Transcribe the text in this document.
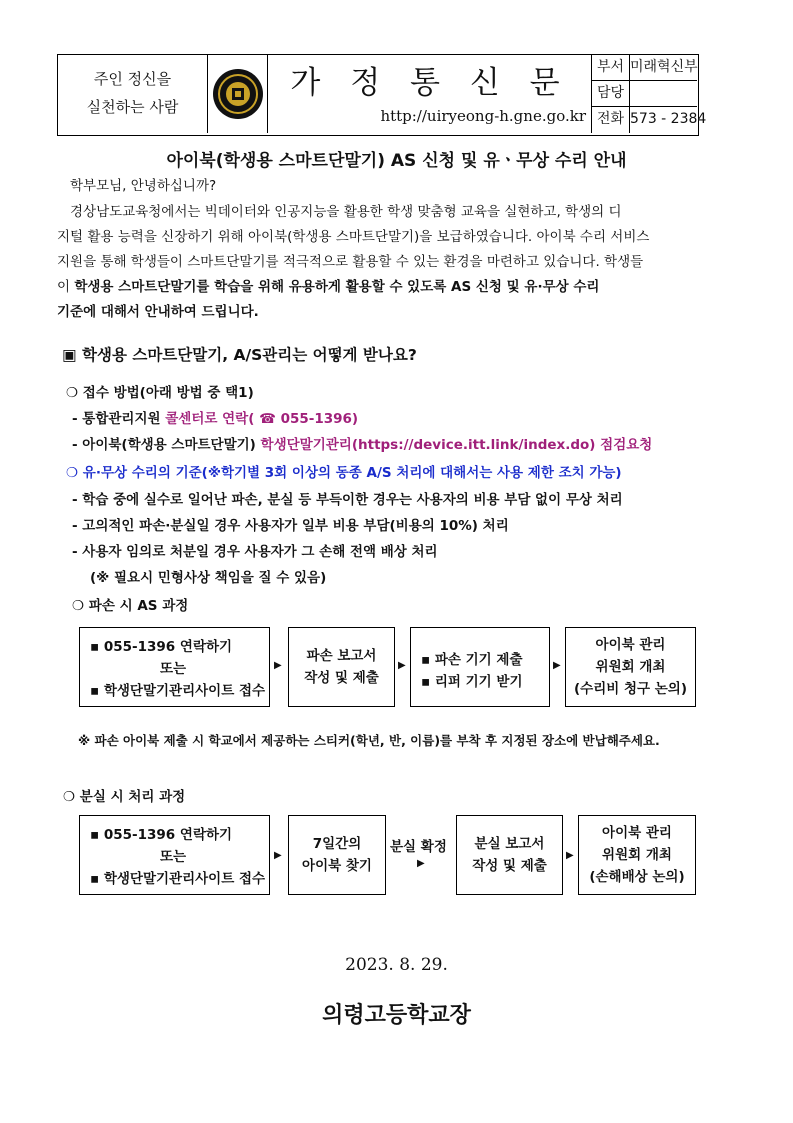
주인 정신을
실천하는 사람
가 정 통 신 문
http://uiryeong-h.gne.go.kr
부서 미래혁신부
담당
전화 573 - 2384
아이북(학생용 스마트단말기) AS 신청 및 유ㆍ무상 수리 안내
학부모님, 안녕하십니까?
경상남도교육청에서는 빅데이터와 인공지능을 활용한 학생 맞춤형 교육을 실현하고, 학생의 디
지털 활용 능력을 신장하기 위해 아이북(학생용 스마트단말기)을 보급하였습니다. 아이북 수리 서비스
지원을 통해 학생들이 스마트단말기를 적극적으로 활용할 수 있는 환경을 마련하고 있습니다. 학생들
이 학생용 스마트단말기를 학습을 위해 유용하게 활용할 수 있도록 AS 신청 및 유·무상 수리
기준에 대해서 안내하여 드립니다.
▣ 학생용 스마트단말기, A/S관리는 어떻게 받나요?
❍ 접수 방법(아래 방법 중 택1)
- 통합관리지원 콜센터로 연락( ☎ 055-1396)
- 아이북(학생용 스마트단말기) 학생단말기관리(https://device.itt.link/index.do) 점검요청
❍ 유·무상 수리의 기준(※학기별 3회 이상의 동종 A/S 처리에 대해서는 사용 제한 조치 가능)
- 학습 중에 실수로 일어난 파손, 분실 등 부득이한 경우는 사용자의 비용 부담 없이 무상 처리
- 고의적인 파손·분실일 경우 사용자가 일부 비용 부담(비용의 10%) 처리
- 사용자 임의로 처분일 경우 사용자가 그 손해 전액 배상 처리
(※ 필요시 민형사상 책임을 질 수 있음)
❍ 파손 시 AS 과정
▪ 055-1396 연락하기
또는
▪ 학생단말기관리사이트 접수
▶
파손 보고서
작성 및 제출
▶ ▪ 파손 기기 제출
▪ 리퍼 기기 받기
▶
아이북 관리
위원회 개최
(수리비 청구 논의)
※ 파손 아이북 제출 시 학교에서 제공하는 스티커(학년, 반, 이름)를 부착 후 지정된 장소에 반납해주세요.
❍ 분실 시 처리 과정
▪ 055-1396 연락하기
또는
▪ 학생단말기관리사이트 접수
▶
7일간의
아이북 찾기
분실 확정
▶
분실 보고서
작성 및 제출
▶
아이북 관리
위원회 개최
(손해배상 논의)
2023. 8. 29.
의령고등학교장
